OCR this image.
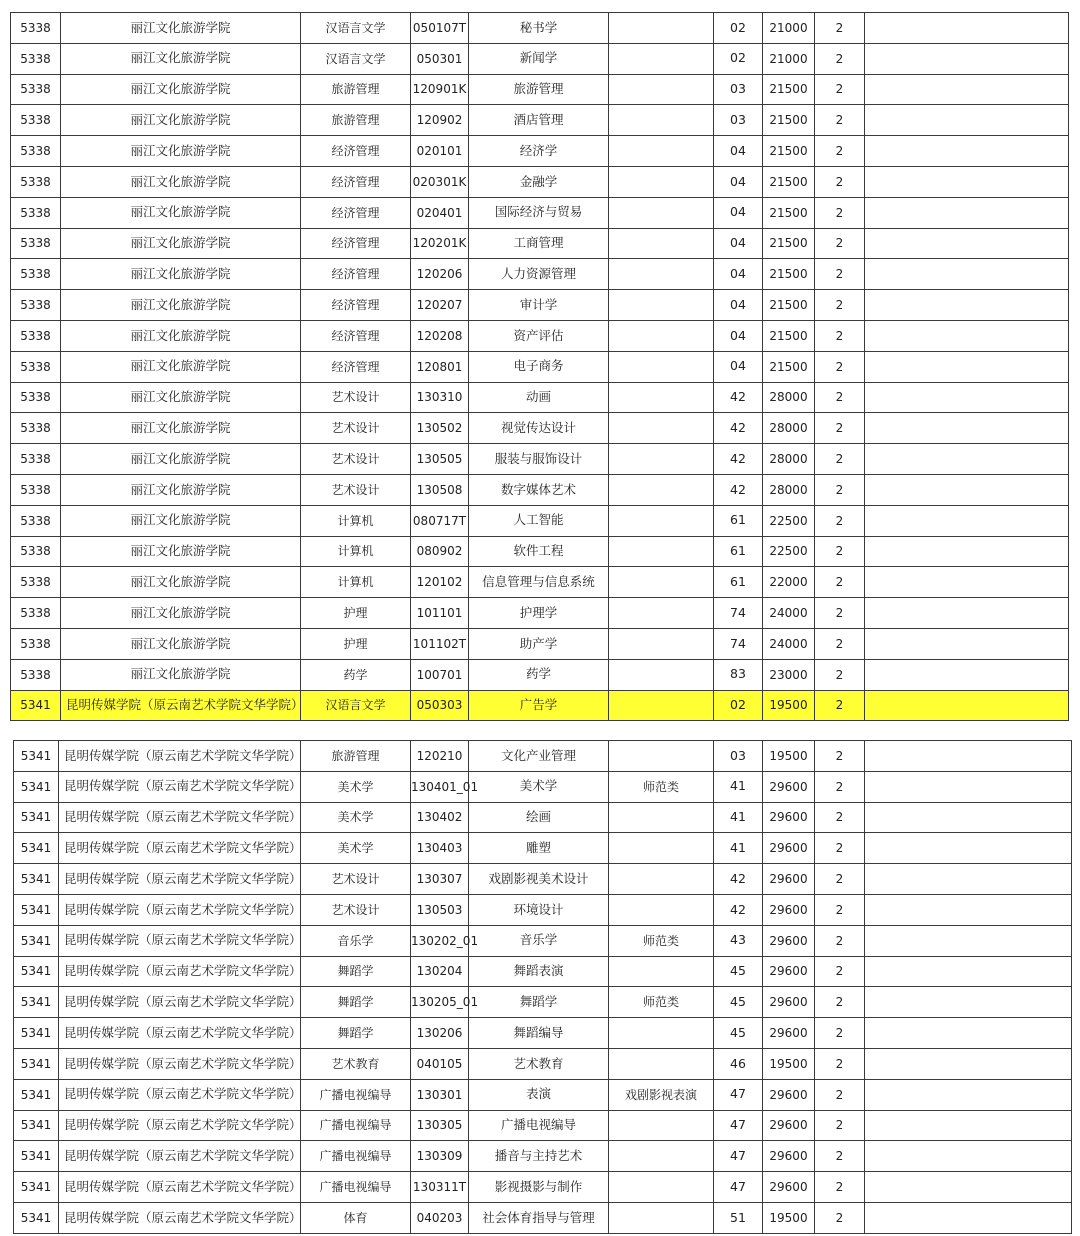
5338	丽江文化旅游学院	汉语言文学	050107T	秘书学		02	21000	2	
5338	丽江文化旅游学院	汉语言文学	050301	新闻学		02	21000	2	
5338	丽江文化旅游学院	旅游管理	120901K	旅游管理		03	21500	2	
5338	丽江文化旅游学院	旅游管理	120902	酒店管理		03	21500	2	
5338	丽江文化旅游学院	经济管理	020101	经济学		04	21500	2	
5338	丽江文化旅游学院	经济管理	020301K	金融学		04	21500	2	
5338	丽江文化旅游学院	经济管理	020401	国际经济与贸易		04	21500	2	
5338	丽江文化旅游学院	经济管理	120201K	工商管理		04	21500	2	
5338	丽江文化旅游学院	经济管理	120206	人力资源管理		04	21500	2	
5338	丽江文化旅游学院	经济管理	120207	审计学		04	21500	2	
5338	丽江文化旅游学院	经济管理	120208	资产评估		04	21500	2	
5338	丽江文化旅游学院	经济管理	120801	电子商务		04	21500	2	
5338	丽江文化旅游学院	艺术设计	130310	动画		42	28000	2	
5338	丽江文化旅游学院	艺术设计	130502	视觉传达设计		42	28000	2	
5338	丽江文化旅游学院	艺术设计	130505	服装与服饰设计		42	28000	2	
5338	丽江文化旅游学院	艺术设计	130508	数字媒体艺术		42	28000	2	
5338	丽江文化旅游学院	计算机	080717T	人工智能		61	22500	2	
5338	丽江文化旅游学院	计算机	080902	软件工程		61	22500	2	
5338	丽江文化旅游学院	计算机	120102	信息管理与信息系统		61	22000	2	
5338	丽江文化旅游学院	护理	101101	护理学		74	24000	2	
5338	丽江文化旅游学院	护理	101102T	助产学		74	24000	2	
5338	丽江文化旅游学院	药学	100701	药学		83	23000	2	
5341	昆明传媒学院（原云南艺术学院文华学院）	汉语言文学	050303	广告学		02	19500	2	
5341	昆明传媒学院（原云南艺术学院文华学院）	旅游管理	120210	文化产业管理		03	19500	2	
5341	昆明传媒学院（原云南艺术学院文华学院）	美术学	130401_01	美术学	师范类	41	29600	2	
5341	昆明传媒学院（原云南艺术学院文华学院）	美术学	130402	绘画		41	29600	2	
5341	昆明传媒学院（原云南艺术学院文华学院）	美术学	130403	雕塑		41	29600	2	
5341	昆明传媒学院（原云南艺术学院文华学院）	艺术设计	130307	戏剧影视美术设计		42	29600	2	
5341	昆明传媒学院（原云南艺术学院文华学院）	艺术设计	130503	环境设计		42	29600	2	
5341	昆明传媒学院（原云南艺术学院文华学院）	音乐学	130202_01	音乐学	师范类	43	29600	2	
5341	昆明传媒学院（原云南艺术学院文华学院）	舞蹈学	130204	舞蹈表演		45	29600	2	
5341	昆明传媒学院（原云南艺术学院文华学院）	舞蹈学	130205_01	舞蹈学	师范类	45	29600	2	
5341	昆明传媒学院（原云南艺术学院文华学院）	舞蹈学	130206	舞蹈编导		45	29600	2	
5341	昆明传媒学院（原云南艺术学院文华学院）	艺术教育	040105	艺术教育		46	19500	2	
5341	昆明传媒学院（原云南艺术学院文华学院）	广播电视编导	130301	表演	戏剧影视表演	47	29600	2	
5341	昆明传媒学院（原云南艺术学院文华学院）	广播电视编导	130305	广播电视编导		47	29600	2	
5341	昆明传媒学院（原云南艺术学院文华学院）	广播电视编导	130309	播音与主持艺术		47	29600	2	
5341	昆明传媒学院（原云南艺术学院文华学院）	广播电视编导	130311T	影视摄影与制作		47	29600	2	
5341	昆明传媒学院（原云南艺术学院文华学院）	体育	040203	社会体育指导与管理		51	19500	2	
